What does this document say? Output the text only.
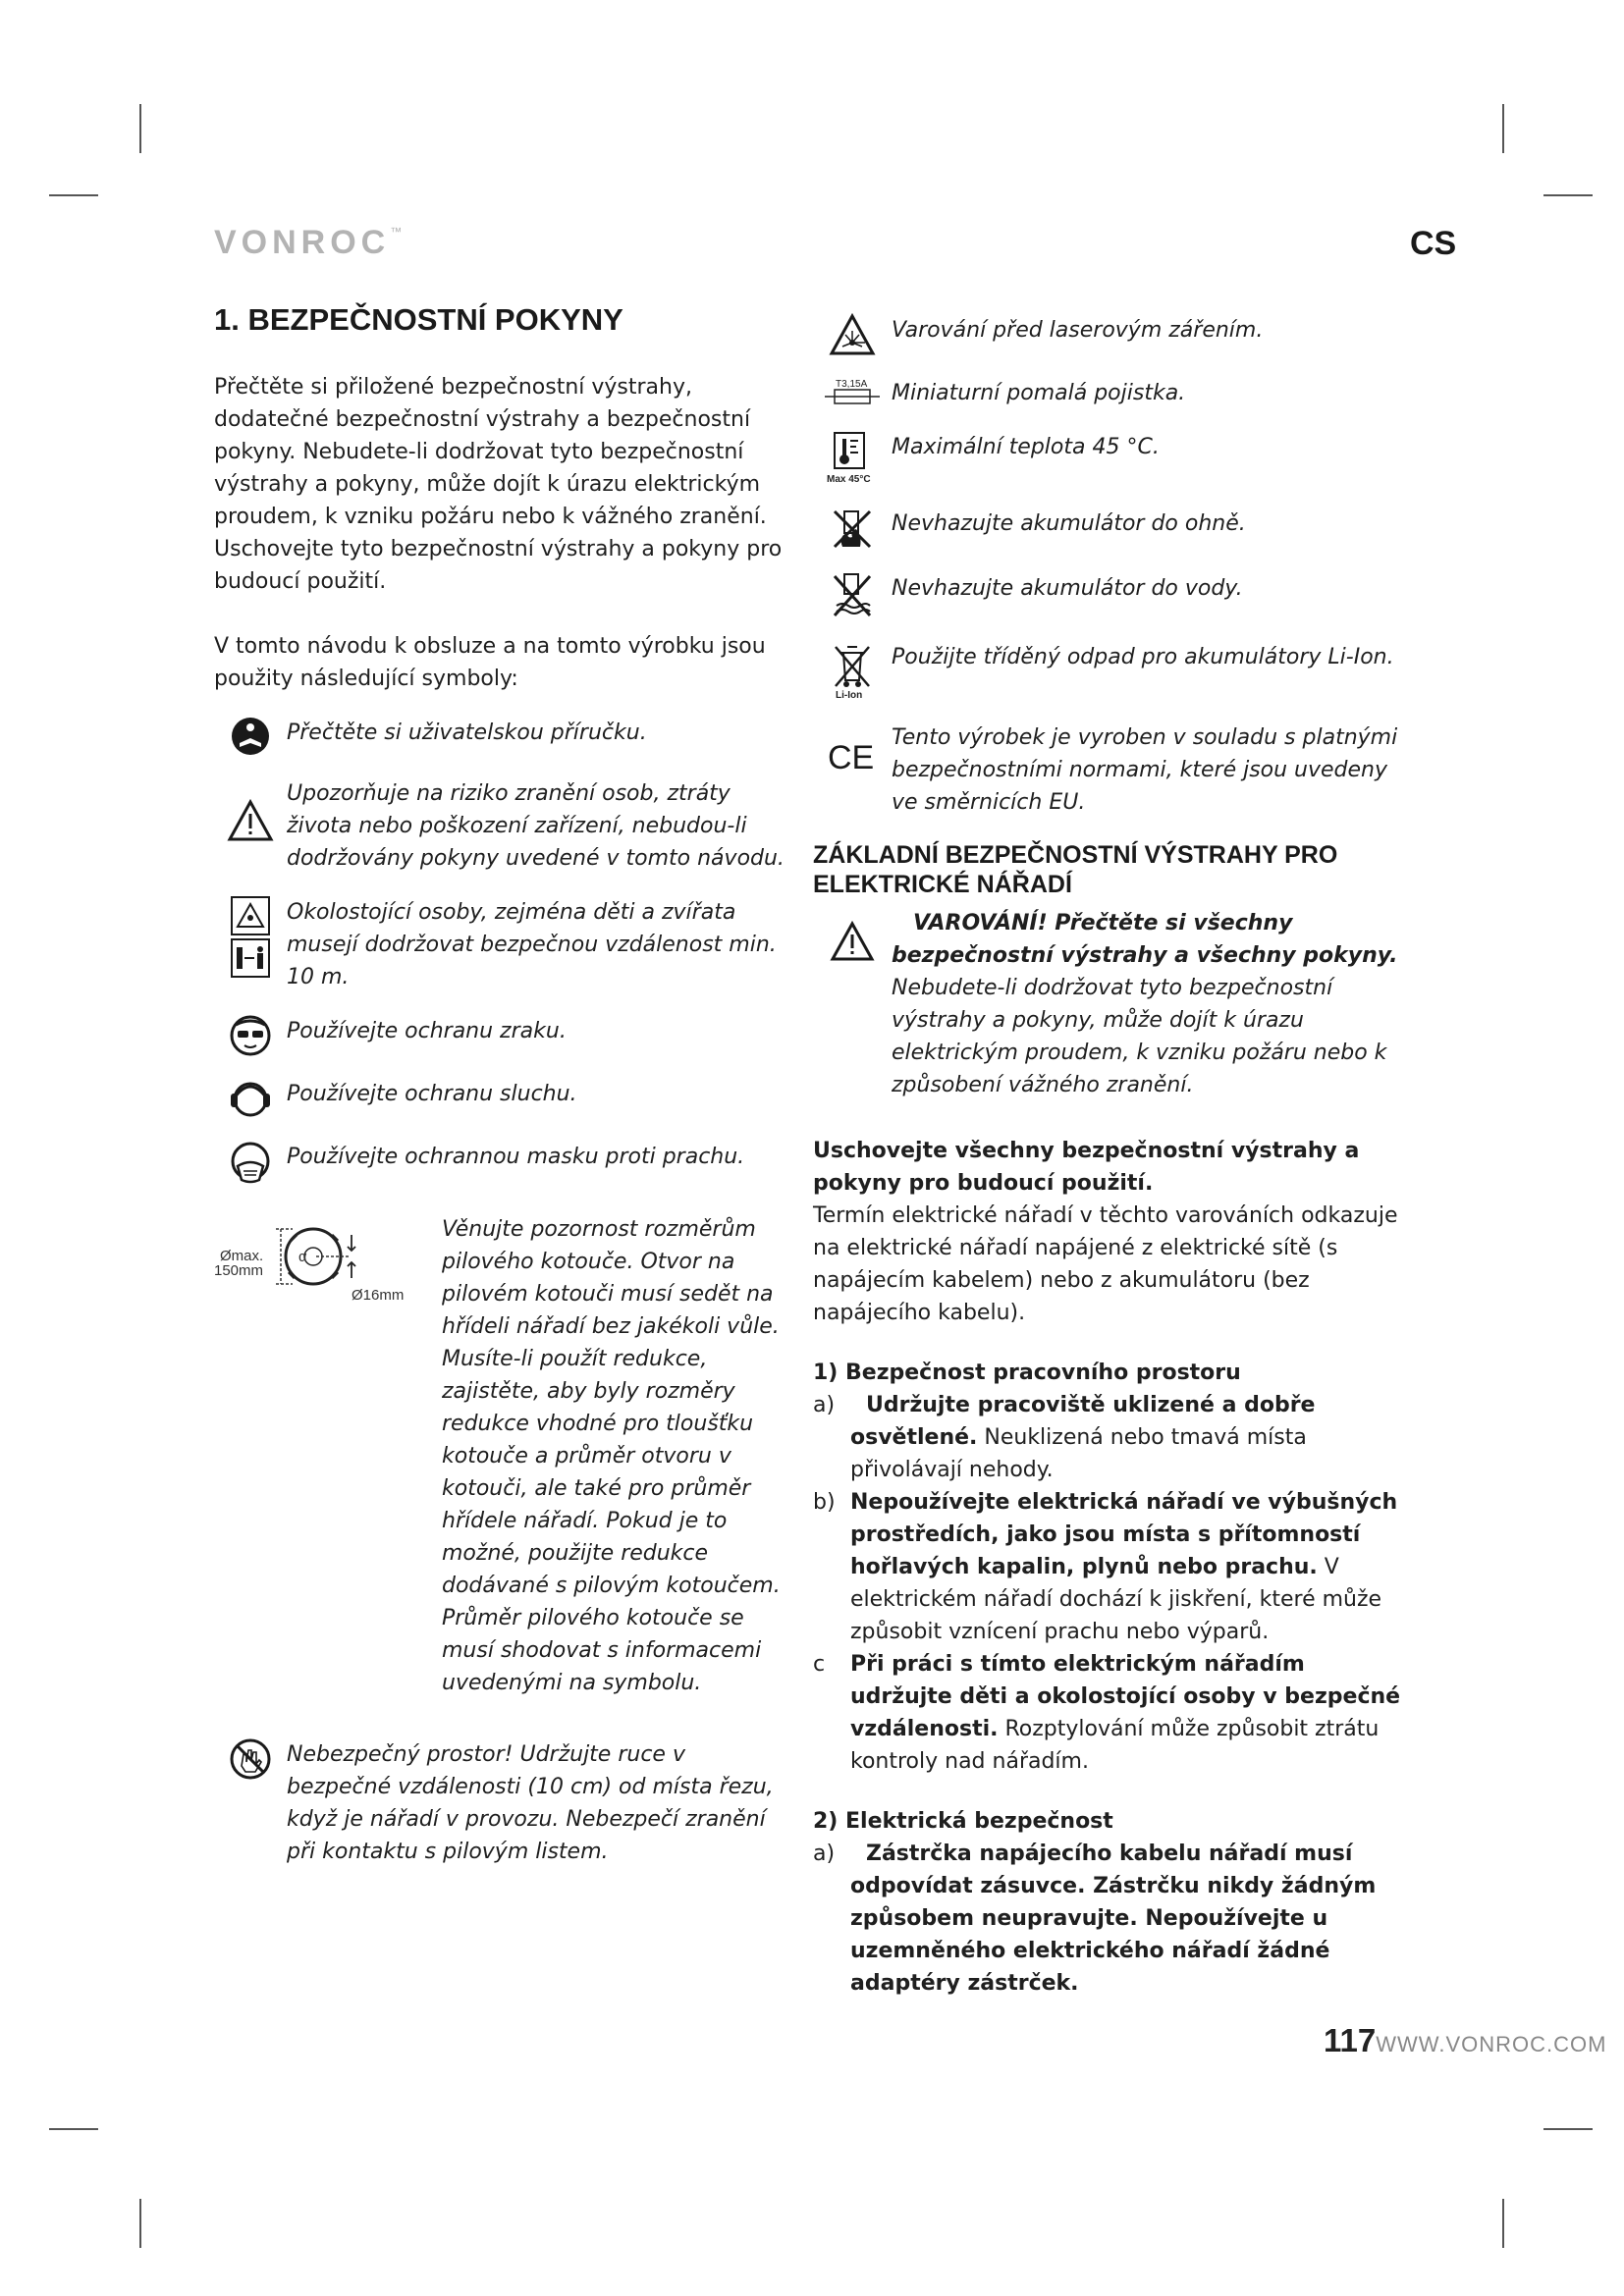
VONROC™	CS
1. BEZPEČNOSTNÍ POKYNY

Přečtěte si přiložené bezpečnostní výstrahy, dodatečné bezpečnostní výstrahy a bezpečnostní pokyny. Nebudete-li dodržovat tyto bezpečnostní výstrahy a pokyny, může dojít k úrazu elektrickým proudem, k vzniku požáru nebo k vážného zranění. Uschovejte tyto bezpečnostní výstrahy a pokyny pro budoucí použití.

V tomto návodu k obsluze a na tomto výrobku jsou použity následující symboly:

Přečtěte si uživatelskou příručku.
Upozorňuje na riziko zranění osob, ztráty života nebo poškození zařízení, nebudou-li dodržovány pokyny uvedené v tomto návodu.
Okolostojící osoby, zejména děti a zvířata musejí dodržovat bezpečnou vzdálenost min. 10 m.
Používejte ochranu zraku.
Používejte ochranu sluchu.
Používejte ochrannou masku proti prachu.
Ømax.
150mm
α
Ø16mm
Věnujte pozornost rozměrům pilového kotouče. Otvor na pilovém kotouči musí sedět na hřídeli nářadí bez jakékoli vůle. Musíte-li použít redukce, zajistěte, aby byly rozměry redukce vhodné pro tloušťku kotouče a průměr otvoru v kotouči, ale také pro průměr hřídele nářadí. Pokud je to možné, použijte redukce dodávané s pilovým kotoučem. Průměr pilového kotouče se musí shodovat s informacemi uvedenými na symbolu.
Nebezpečný prostor! Udržujte ruce v bezpečné vzdálenosti (10 cm) od místa řezu, když je nářadí v provozu. Nebezpečí zranění při kontaktu s pilovým listem.
Varování před laserovým zářením.
T3,15A Miniaturní pomalá pojistka.
Max 45°C
Maximální teplota 45 °C.
Nevhazujte akumulátor do ohně.
Nevhazujte akumulátor do vody.
Li-Ion
Použijte tříděný odpad pro akumulátory Li-Ion.
CE
Tento výrobek je vyroben v souladu s platnými bezpečnostními normami, které jsou uvedeny ve směrnicích EU.
ZÁKLADNÍ BEZPEČNOSTNÍ VÝSTRAHY PRO ELEKTRICKÉ NÁŘADÍ
VAROVÁNÍ! Přečtěte si všechny bezpečnostní výstrahy a všechny pokyny. Nebudete-li dodržovat tyto bezpečnostní výstrahy a pokyny, může dojít k úrazu elektrickým proudem, k vzniku požáru nebo k způsobení vážného zranění.

Uschovejte všechny bezpečnostní výstrahy a pokyny pro budoucí použití.

Termín elektrické nářadí v těchto varováních odkazuje na elektrické nářadí napájené z elektrické sítě (s napájecím kabelem) nebo z akumulátoru (bez napájecího kabelu).

1) Bezpečnost pracovního prostoru
a)	Udržujte pracoviště uklizené a dobře osvětlené. Neuklizená nebo tmavá místa přivolávají nehody.
b) Nepoužívejte elektrická nářadí ve výbušných prostředích, jako jsou místa s přítomností hořlavých kapalin, plynů nebo prachu. V elektrickém nářadí dochází k jiskření, které může způsobit vznícení prachu nebo výparů.
c	Při práci s tímto elektrickým nářadím udržujte děti a okolostojící osoby v bezpečné vzdálenosti. Rozptylování může způsobit ztrátu kontroly nad nářadím.
2) Elektrická bezpečnost
a)	Zástrčka napájecího kabelu nářadí musí odpovídat zásuvce. Zástrčku nikdy žádným způsobem neupravujte. Nepoužívejte u uzemněného elektrického nářadí žádné adaptéry zástrček.
117WWW.VONROC.COM
